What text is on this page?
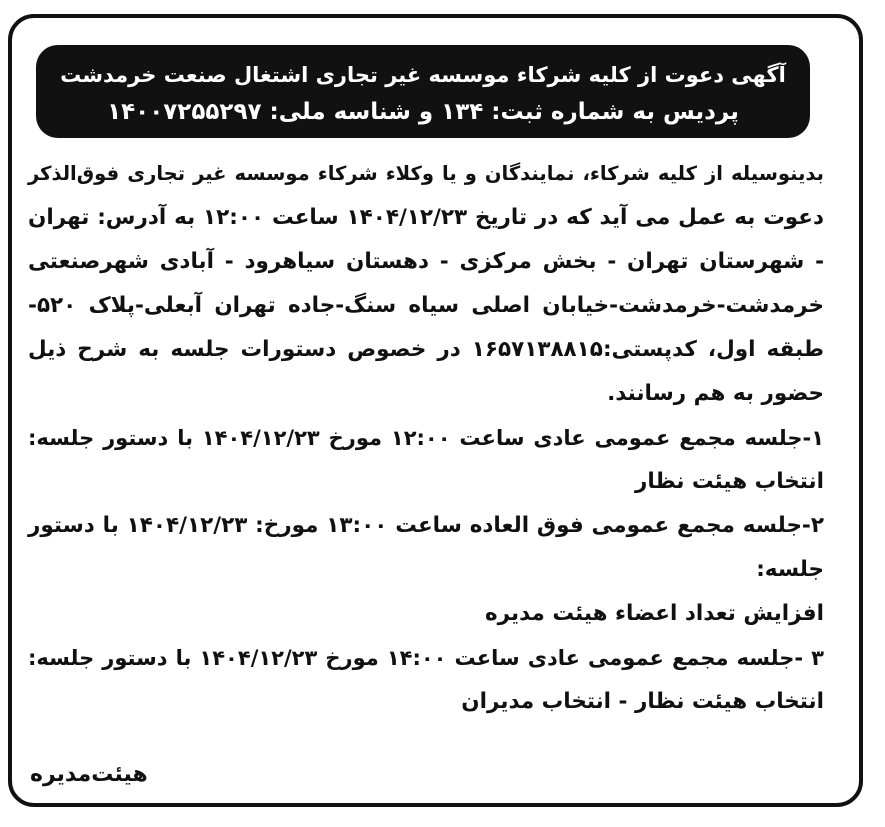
آگهی دعوت از کلیه شرکاء موسسه غیر تجاری اشتغال صنعت خرمدشت
پردیس به شماره ثبت: ۱۳۴ و شناسه ملی: ۱۴۰۰۷۲۵۵۲۹۷
بدینوسیله از کلیه شرکاء، نمایندگان و یا وکلاء شرکاء موسسه غیر تجاری فوق‌الذکر
دعوت به عمل می آید که در تاریخ ۱۴۰۴/۱۲/۲۳ ساعت ۱۲:۰۰ به آدرس: تهران
- شهرستان تهران - بخش مرکزی - دهستان سیاهرود - آبادی شهرصنعتی
خرمدشت-خرمدشت-خیابان اصلی سیاه سنگ-جاده تهران آبعلی-پلاک ۵۲۰-
طبقه اول، کدپستی:۱۶۵۷۱۳۸۸۱۵ در خصوص دستورات جلسه به شرح ذیل
حضور به هم رسانند.
۱-جلسه مجمع عمومی عادی ساعت ۱۲:۰۰ مورخ ۱۴۰۴/۱۲/۲۳ با دستور جلسه:
انتخاب هیئت نظار
۲-جلسه مجمع عمومی فوق العاده ساعت ۱۳:۰۰ مورخ: ۱۴۰۴/۱۲/۲۳ با دستور
جلسه:
افزایش تعداد اعضاء هیئت مدیره
۳ -جلسه مجمع عمومی عادی ساعت ۱۴:۰۰ مورخ ۱۴۰۴/۱۲/۲۳ با دستور جلسه:
انتخاب هیئت نظار - انتخاب مدیران
هیئت‌مدیره
